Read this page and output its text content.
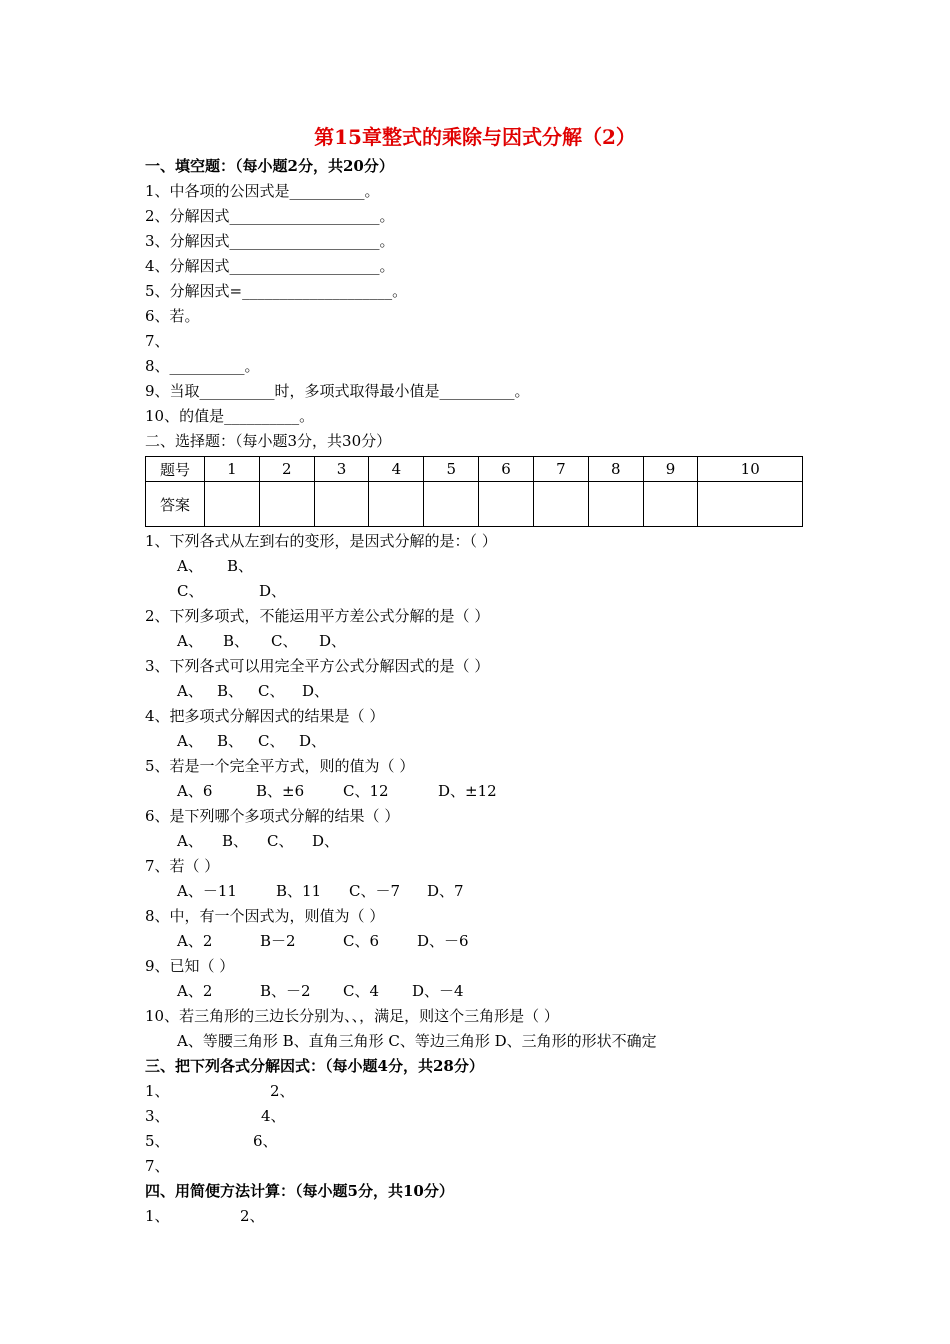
第15章整式的乘除与因式分解（2）
一、填空题：（每小题2分，共20分）
1、中各项的公因式是__________。
2、分解因式____________________。
3、分解因式____________________。
4、分解因式____________________。
5、分解因式=____________________。
6、若。
7、
8、__________。
9、当取__________时，多项式取得最小值是__________。
10、的值是__________。
二、选择题：（每小题3分，共30分）
题号	1	2	3	4	5	6	7	8	9	10
答案										
1、下列各式从左到右的变形，是因式分解的是：（ ）
A、 B、
C、	D、
2、下列多项式，不能运用平方差公式分解的是（ ）
A、 B、 C、 D、
3、下列各式可以用完全平方公式分解因式的是（ ）
A、 B、 C、 D、
4、把多项式分解因式的结果是（ ）
A、 B、 C、 D、
5、若是一个完全平方式，则的值为（ ）
A、6	B、±6	C、12	D、±12
6、是下列哪个多项式分解的结果（ ）
A、 B、 C、 D、
7、若（ ）
A、－11	B、11 C、－7 D、7
8、中，有一个因式为，则值为（ ）
A、2	B－2	C、6	D、－6
9、已知（ ）
A、2	B、－2 C、4 D、－4
10、若三角形的三边长分别为、、，满足，则这个三角形是（ ）
A、等腰三角形 B、直角三角形 C、等边三角形 D、三角形的形状不确定
三、把下列各式分解因式：（每小题4分，共28分）
1、	2、
3、	4、
5、	6、
7、
四、用简便方法计算：（每小题5分，共10分）
1、	2、
